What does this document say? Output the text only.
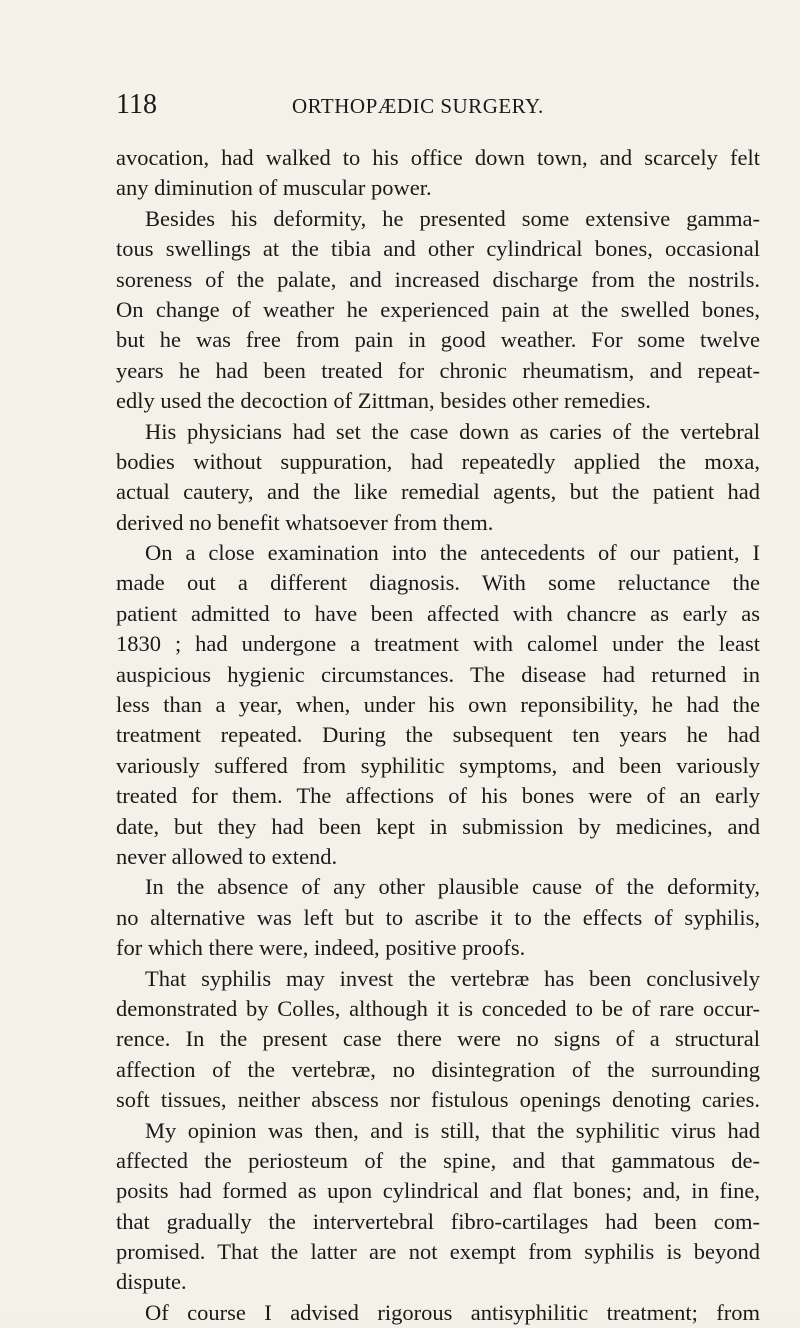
118	ORTHOPÆDIC SURGERY.
avocation, had walked to his office down town, and scarcely felt
any diminution of muscular power.
Besides his deformity, he presented some extensive gamma-
tous swellings at the tibia and other cylindrical bones, occasional
soreness of the palate, and increased discharge from the nostrils.
On change of weather he experienced pain at the swelled bones,
but he was free from pain in good weather. For some twelve
years he had been treated for chronic rheumatism, and repeat-
edly used the decoction of Zittman, besides other remedies.
His physicians had set the case down as caries of the vertebral
bodies without suppuration, had repeatedly applied the moxa,
actual cautery, and the like remedial agents, but the patient had
derived no benefit whatsoever from them.
On a close examination into the antecedents of our patient, I
made out a different diagnosis. With some reluctance the
patient admitted to have been affected with chancre as early as
1830 ; had undergone a treatment with calomel under the least
auspicious hygienic circumstances. The disease had returned in
less than a year, when, under his own reponsibility, he had the
treatment repeated. During the subsequent ten years he had
variously suffered from syphilitic symptoms, and been variously
treated for them. The affections of his bones were of an early
date, but they had been kept in submission by medicines, and
never allowed to extend.
In the absence of any other plausible cause of the deformity,
no alternative was left but to ascribe it to the effects of syphilis,
for which there were, indeed, positive proofs.
That syphilis may invest the vertebræ has been conclusively
demonstrated by Colles, although it is conceded to be of rare occur-
rence. In the present case there were no signs of a structural
affection of the vertebræ, no disintegration of the surrounding
soft tissues, neither abscess nor fistulous openings denoting caries.
My opinion was then, and is still, that the syphilitic virus had
affected the periosteum of the spine, and that gammatous de-
posits had formed as upon cylindrical and flat bones; and, in fine,
that gradually the intervertebral fibro-cartilages had been com-
promised. That the latter are not exempt from syphilis is beyond
dispute.
Of course I advised rigorous antisyphilitic treatment; from
